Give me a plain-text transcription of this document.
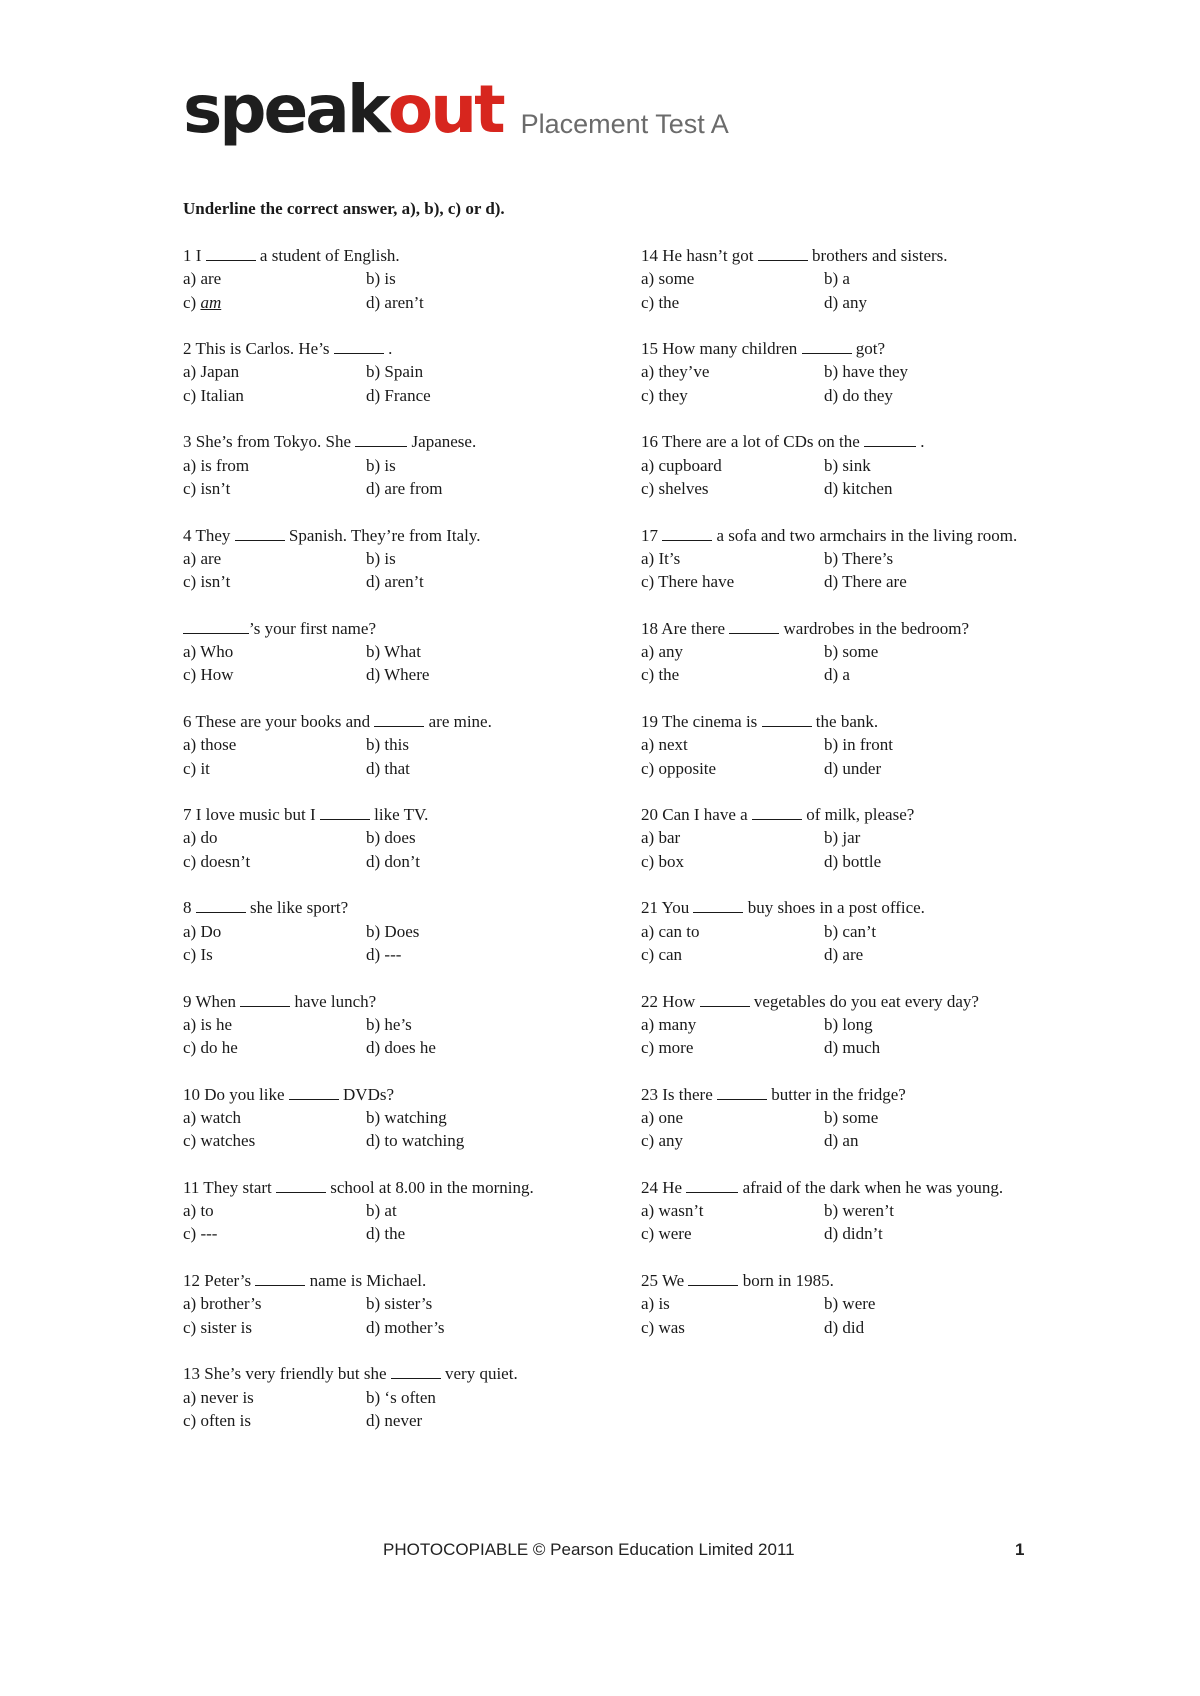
speakout Placement Test A
Underline the correct answer, a), b), c) or d).
1 I	a student of English.
a) are	b) is
c) am	d) aren’t
2 This is Carlos. He’s	.
a) Japan	b) Spain
c) Italian	d) France
3 She’s from Tokyo. She	Japanese.
a) is from	b) is
c) isn’t	d) are from
4 They	Spanish. They’re from Italy.
a) are	b) is
c) isn’t	d) aren’t
’s your first name?
a) Who	b) What
c) How	d) Where
6 These are your books and	are mine.
a) those	b) this
c) it	d) that
7 I love music but I	like TV.
a) do	b) does
c) doesn’t	d) don’t
8	she like sport?
a) Do	b) Does
c) Is	d) ---
9 When	have lunch?
a) is he	b) he’s
c) do he	d) does he
10 Do you like	DVDs?
a) watch	b) watching
c) watches	d) to watching
11 They start	school at 8.00 in the morning.
a) to	b) at
c) ---	d) the
12 Peter’s	name is Michael.
a) brother’s	b) sister’s
c) sister is	d) mother’s
13 She’s very friendly but she	very quiet.
a) never is	b) ‘s often
c) often is	d) never
14 He hasn’t got	brothers and sisters.
a) some	b) a
c) the	d) any
15 How many children	got?
a) they’ve	b) have they
c) they	d) do they
16 There are a lot of CDs on the	.
a) cupboard	b) sink
c) shelves	d) kitchen
17	a sofa and two armchairs in the living room.
a) It’s	b) There’s
c) There have	d) There are
18 Are there	wardrobes in the bedroom?
a) any	b) some
c) the	d) a
19 The cinema is	the bank.
a) next	b) in front
c) opposite	d) under
20 Can I have a	of milk, please?
a) bar	b) jar
c) box	d) bottle
21 You	buy shoes in a post office.
a) can to	b) can’t
c) can	d) are
22 How	vegetables do you eat every day?
a) many	b) long
c) more	d) much
23 Is there	butter in the fridge?
a) one	b) some
c) any	d) an
24 He	afraid of the dark when he was young.
a) wasn’t	b) weren’t
c) were	d) didn’t
25 We	born in 1985.
a) is	b) were
c) was	d) did
PHOTOCOPIABLE © Pearson Education Limited 2011	1
